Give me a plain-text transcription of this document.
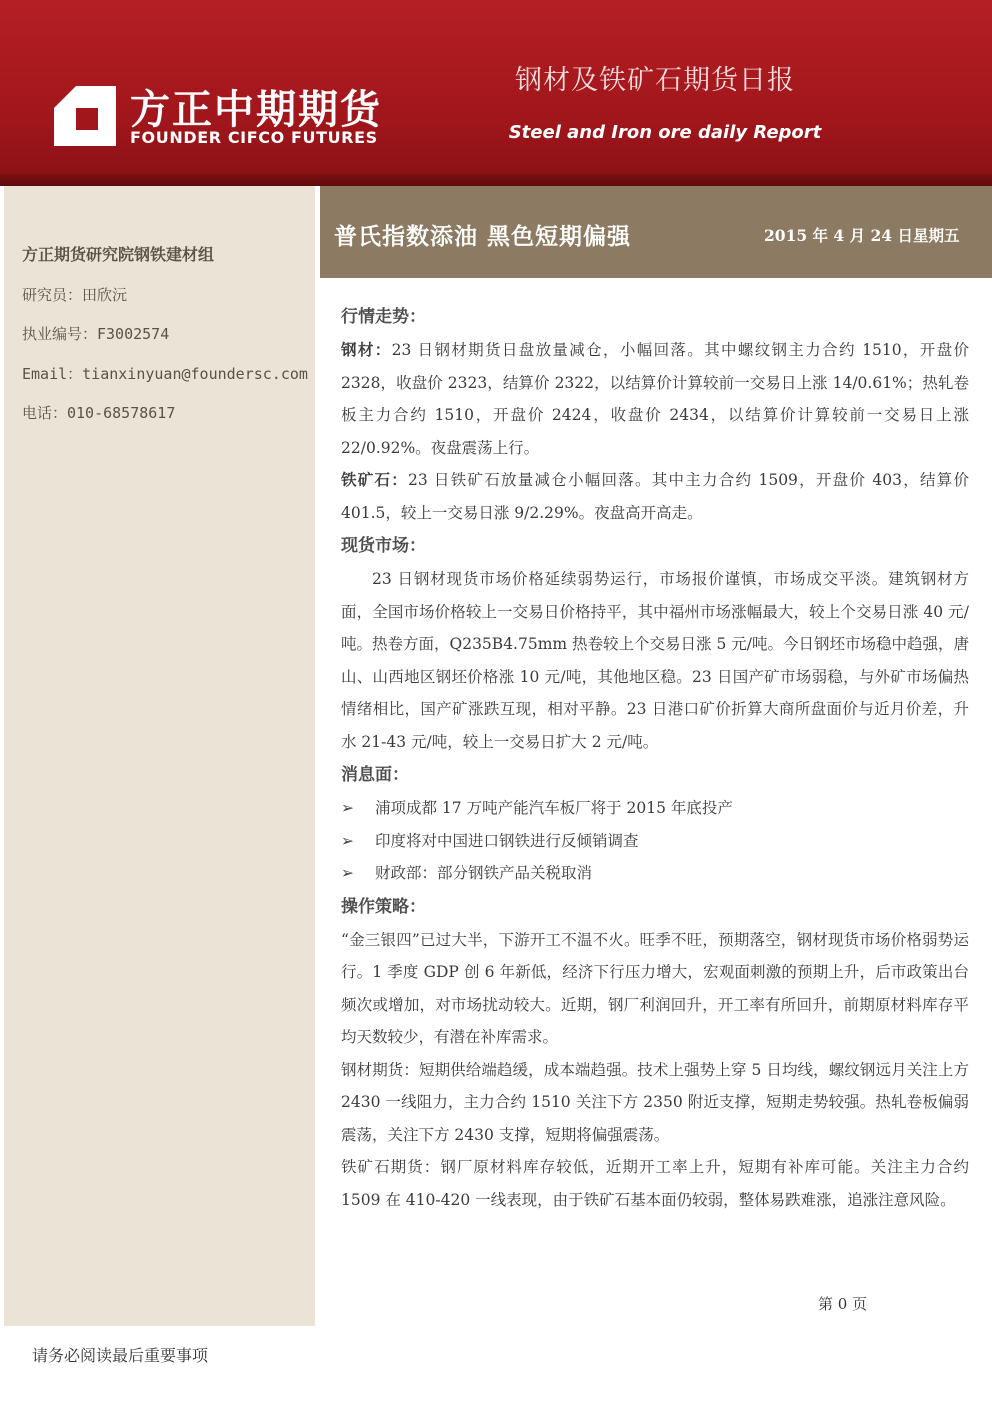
方正中期期货
FOUNDER CIFCO FUTURES
钢材及铁矿石期货日报
Steel and Iron ore daily Report
方正期货研究院钢铁建材组
研究员：田欣沅
执业编号：F3002574
Email：tianxinyuan@foundersc.com
电话：010-68578617
普氏指数添油 黑色短期偏强	2015 年 4 月 24 日星期五

行情走势：

钢材：23 日钢材期货日盘放量减仓，小幅回落。其中螺纹钢主力合约 1510，开盘价 2328，收盘价 2323，结算价 2322，以结算价计算较前一交易日上涨 14/0.61%；热轧卷板主力合约 1510，开盘价 2424，收盘价 2434，以结算价计算较前一交易日上涨 22/0.92%。夜盘震荡上行。

铁矿石：23 日铁矿石放量减仓小幅回落。其中主力合约 1509，开盘价 403，结算价 401.5，较上一交易日涨 9/2.29%。夜盘高开高走。

现货市场：

23 日钢材现货市场价格延续弱势运行，市场报价谨慎，市场成交平淡。建筑钢材方面，全国市场价格较上一交易日价格持平，其中福州市场涨幅最大，较上个交易日涨 40 元/吨。热卷方面，Q235B4.75mm 热卷较上个交易日涨 5 元/吨。今日钢坯市场稳中趋强，唐山、山西地区钢坯价格涨 10 元/吨，其他地区稳。23 日国产矿市场弱稳，与外矿市场偏热情绪相比，国产矿涨跌互现，相对平静。23 日港口矿价折算大商所盘面价与近月价差，升水 21-43 元/吨，较上一交易日扩大 2 元/吨。

消息面：

➢	浦项成都 17 万吨产能汽车板厂将于 2015 年底投产

➢	印度将对中国进口钢铁进行反倾销调查

➢	财政部：部分钢铁产品关税取消

操作策略：

“金三银四”已过大半，下游开工不温不火。旺季不旺，预期落空，钢材现货市场价格弱势运行。1 季度 GDP 创 6 年新低，经济下行压力增大，宏观面刺激的预期上升，后市政策出台频次或增加，对市场扰动较大。近期，钢厂利润回升，开工率有所回升，前期原材料库存平均天数较少，有潜在补库需求。

钢材期货：短期供给端趋缓，成本端趋强。技术上强势上穿 5 日均线，螺纹钢远月关注上方 2430 一线阻力，主力合约 1510 关注下方 2350 附近支撑，短期走势较强。热轧卷板偏弱震荡，关注下方 2430 支撑，短期将偏强震荡。

铁矿石期货：钢厂原材料库存较低，近期开工率上升，短期有补库可能。关注主力合约 1509 在 410-420 一线表现，由于铁矿石基本面仍较弱，整体易跌难涨，追涨注意风险。

第 0 页
请务必阅读最后重要事项
